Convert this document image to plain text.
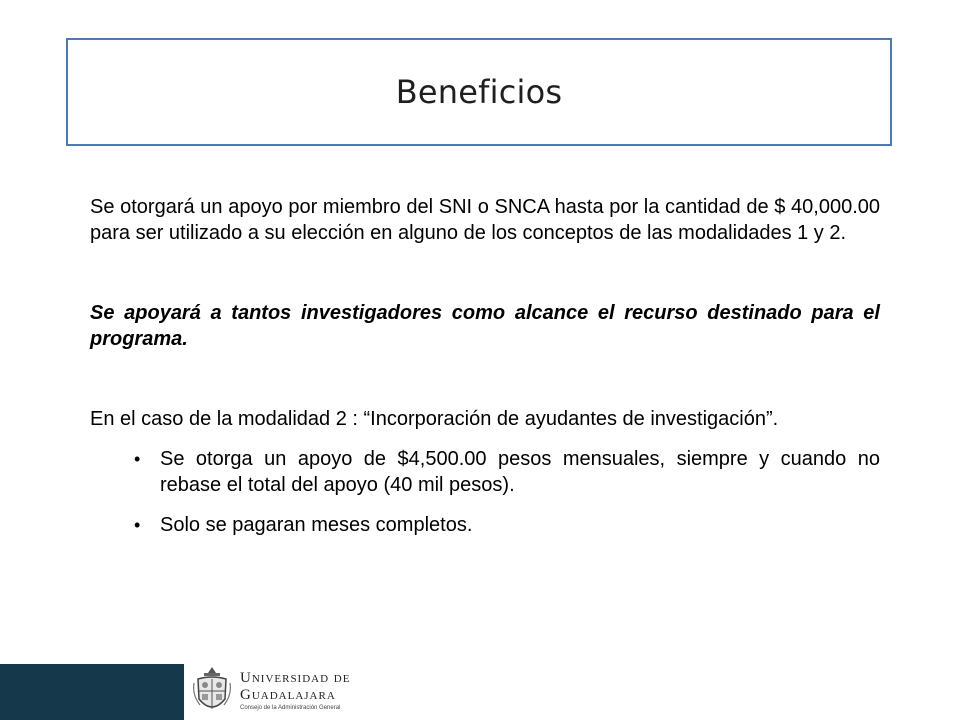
Beneficios

Se otorgará un apoyo por miembro del SNI o SNCA hasta por la cantidad de $ 40,000.00 para ser utilizado a su elección en alguno de los conceptos de las modalidades 1 y 2.

Se apoyará a tantos investigadores como alcance el recurso destinado para el programa.

En el caso de la modalidad 2 : “Incorporación de ayudantes de investigación”.

• Se otorga un apoyo de $4,500.00 pesos mensuales, siempre y cuando no rebase el total del apoyo (40 mil pesos).
• Solo se pagaran meses completos.
Universidad de
Guadalajara
Consejo de la Administración General
